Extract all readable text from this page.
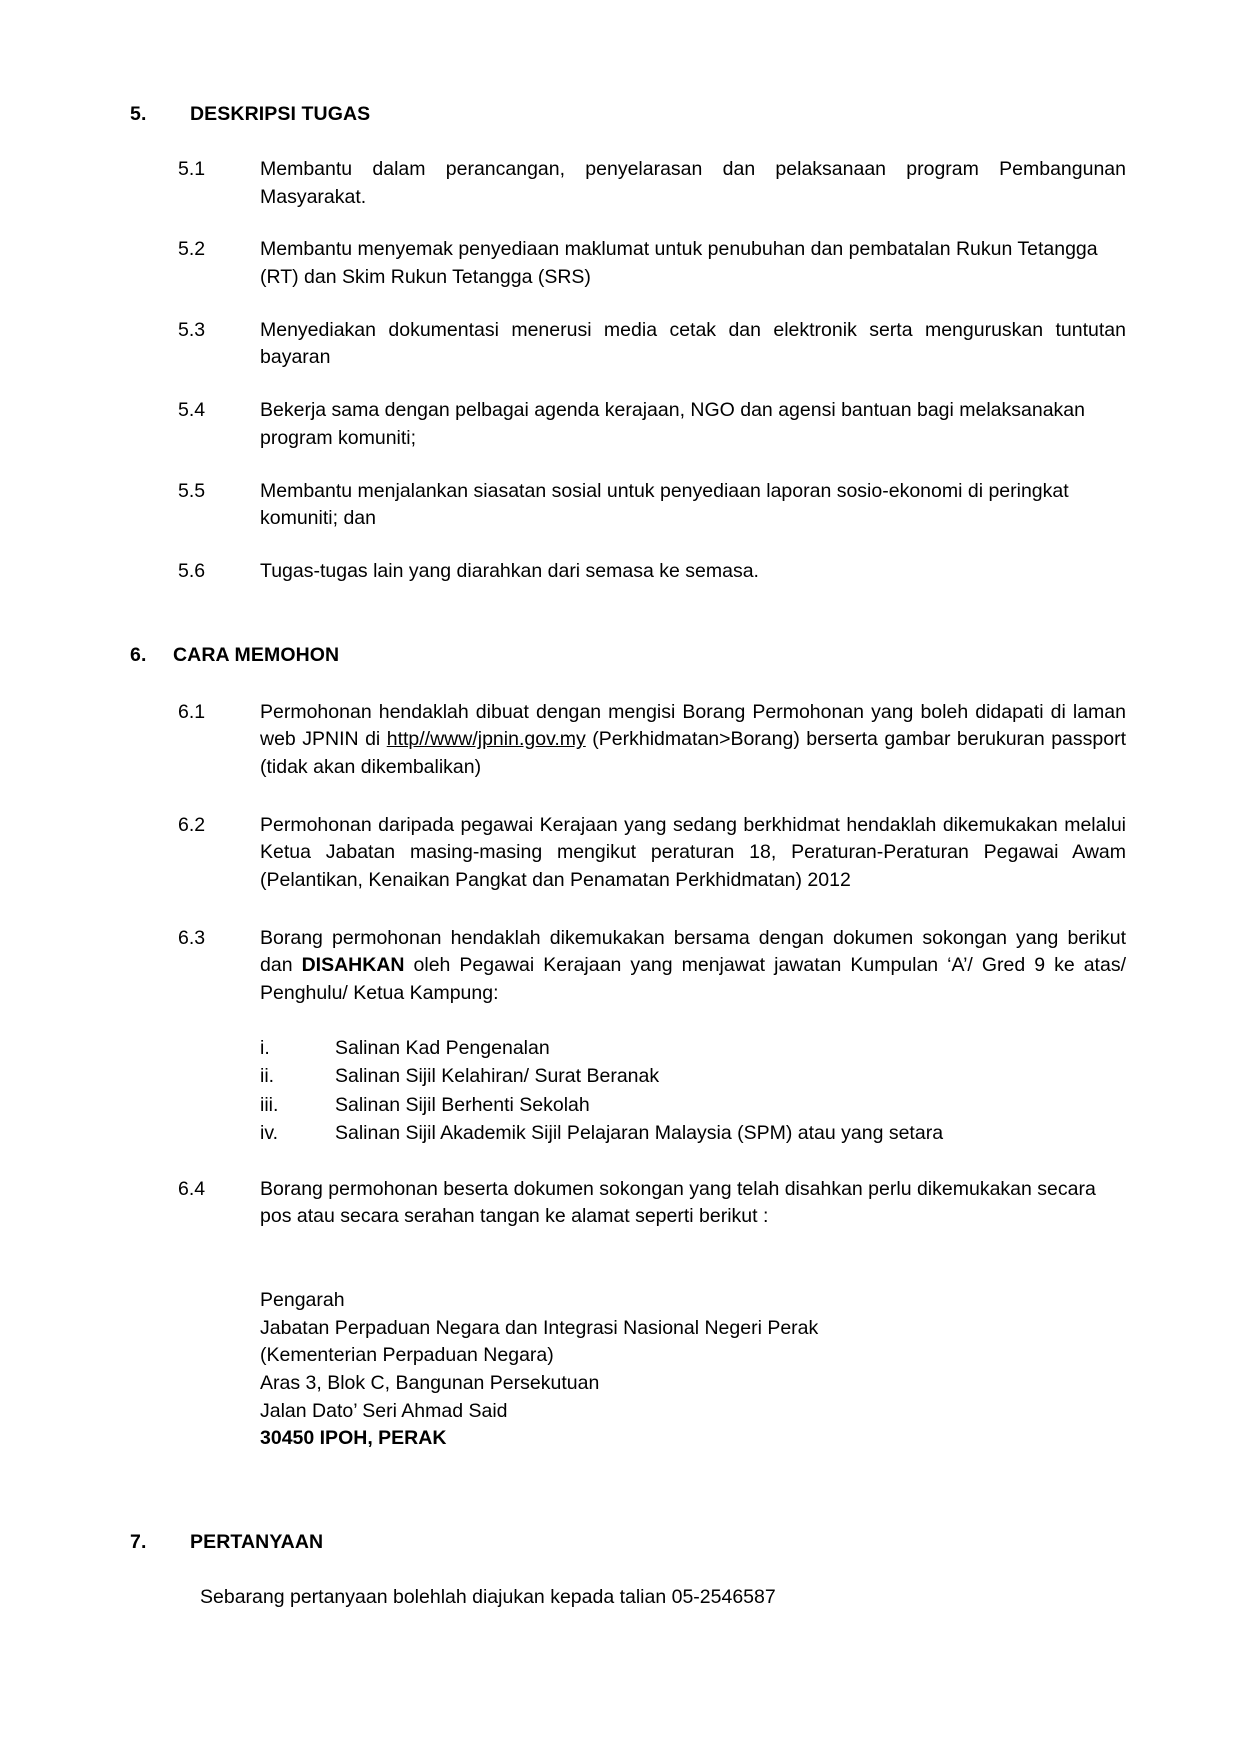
5.	DESKRIPSI TUGAS
5.1	Membantu dalam perancangan, penyelarasan dan pelaksanaan program Pembangunan Masyarakat.
5.2	Membantu menyemak penyediaan maklumat untuk penubuhan dan pembatalan Rukun Tetangga (RT) dan Skim Rukun Tetangga (SRS)
5.3	Menyediakan dokumentasi menerusi media cetak dan elektronik serta menguruskan tuntutan bayaran
5.4	Bekerja sama dengan pelbagai agenda kerajaan, NGO dan agensi bantuan bagi melaksanakan program komuniti;
5.5	Membantu menjalankan siasatan sosial untuk penyediaan laporan sosio-ekonomi di peringkat komuniti; dan
5.6	Tugas-tugas lain yang diarahkan dari semasa ke semasa.
6.	CARA MEMOHON
6.1	Permohonan hendaklah dibuat dengan mengisi Borang Permohonan yang boleh didapati di laman web JPNIN di http//www/jpnin.gov.my (Perkhidmatan>Borang) berserta gambar berukuran passport (tidak akan dikembalikan)
6.2	Permohonan daripada pegawai Kerajaan yang sedang berkhidmat hendaklah dikemukakan melalui Ketua Jabatan masing-masing mengikut peraturan 18, Peraturan-Peraturan Pegawai Awam (Pelantikan, Kenaikan Pangkat dan Penamatan Perkhidmatan) 2012
6.3	Borang permohonan hendaklah dikemukakan bersama dengan dokumen sokongan yang berikut dan DISAHKAN oleh Pegawai Kerajaan yang menjawat jawatan Kumpulan ‘A’/ Gred 9 ke atas/ Penghulu/ Ketua Kampung:
i.	Salinan Kad Pengenalan
ii.	Salinan Sijil Kelahiran/ Surat Beranak
iii.	Salinan Sijil Berhenti Sekolah
iv.	Salinan Sijil Akademik Sijil Pelajaran Malaysia (SPM) atau yang setara
6.4	Borang permohonan beserta dokumen sokongan yang telah disahkan perlu dikemukakan secara pos atau secara serahan tangan ke alamat seperti berikut :
Pengarah
Jabatan Perpaduan Negara dan Integrasi Nasional Negeri Perak
(Kementerian Perpaduan Negara)
Aras 3, Blok C, Bangunan Persekutuan
Jalan Dato’ Seri Ahmad Said
30450 IPOH, PERAK
7.	PERTANYAAN
Sebarang pertanyaan bolehlah diajukan kepada talian 05-2546587
